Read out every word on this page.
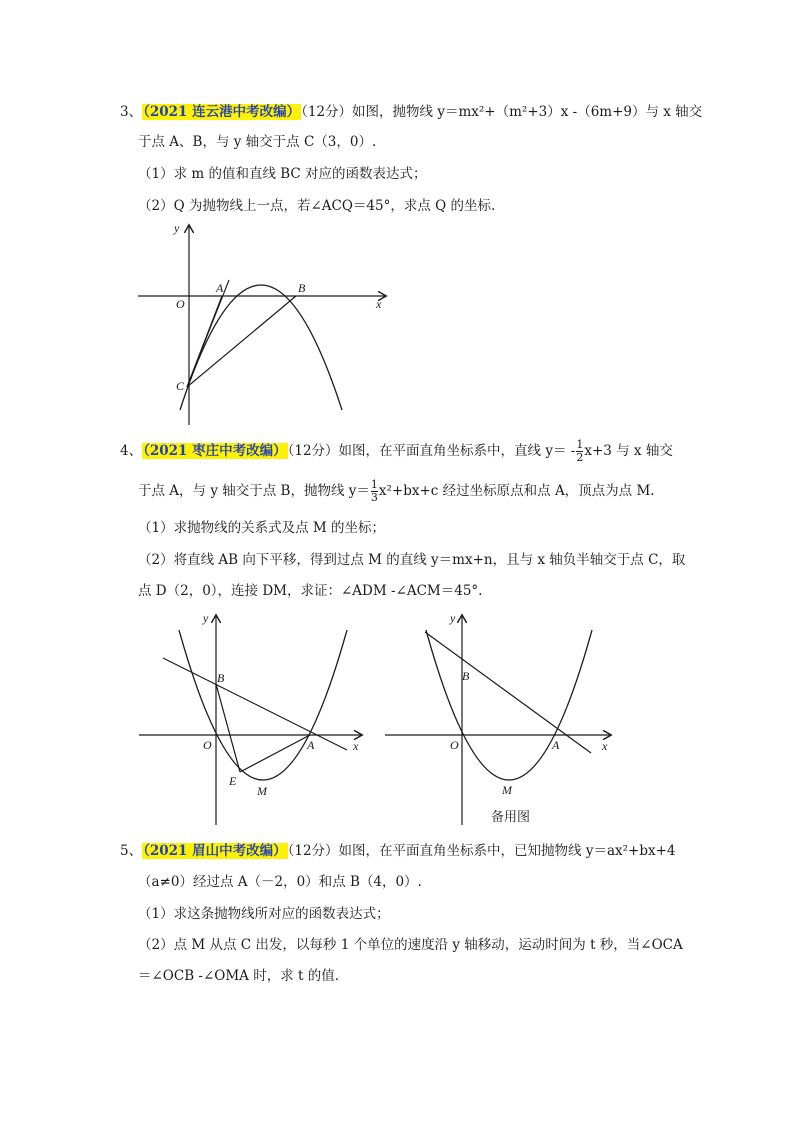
3、（2021 连云港中考改编）（12分）如图，抛物线 y＝mx²+（m²+3）x -（6m+9）与 x 轴交
于点 A、B，与 y 轴交于点 C（3，0）.
（1）求 m 的值和直线 BC 对应的函数表达式；
（2）Q 为抛物线上一点，若∠ACQ＝45°，求点 Q 的坐标.
y
x
O
A	B
C
4、（2021 枣庄中考改编）（12分）如图，在平面直角坐标系中，直线 $y= - \frac{1}{2} x+3$ 与 x 轴交
于点 A，与 y 轴交于点 B，抛物线 $y= \frac{1}{3} x^2+bx+c$ 经过坐标原点和点 A，顶点为点 M.
（1）求抛物线的关系式及点 M 的坐标；
（2）将直线 AB 向下平移，得到过点 M 的直线 y＝mx+n，且与 x 轴负半轴交于点 C，取
点 D（2，0），连接 DM，求证：∠ADM -∠ACM＝45°.
y
x
O	A
B
E
M
y
x
O	A
B
M
备用图
5、（2021 眉山中考改编）（12分）如图，在平面直角坐标系中，已知抛物线 y＝ax²+bx+4
（a≠0）经过点 A（－2，0）和点 B（4，0）.
（1）求这条抛物线所对应的函数表达式；
（2）点 M 从点 C 出发，以每秒 1 个单位的速度沿 y 轴移动，运动时间为 t 秒，当∠OCA
＝∠OCB -∠OMA 时，求 t 的值.
